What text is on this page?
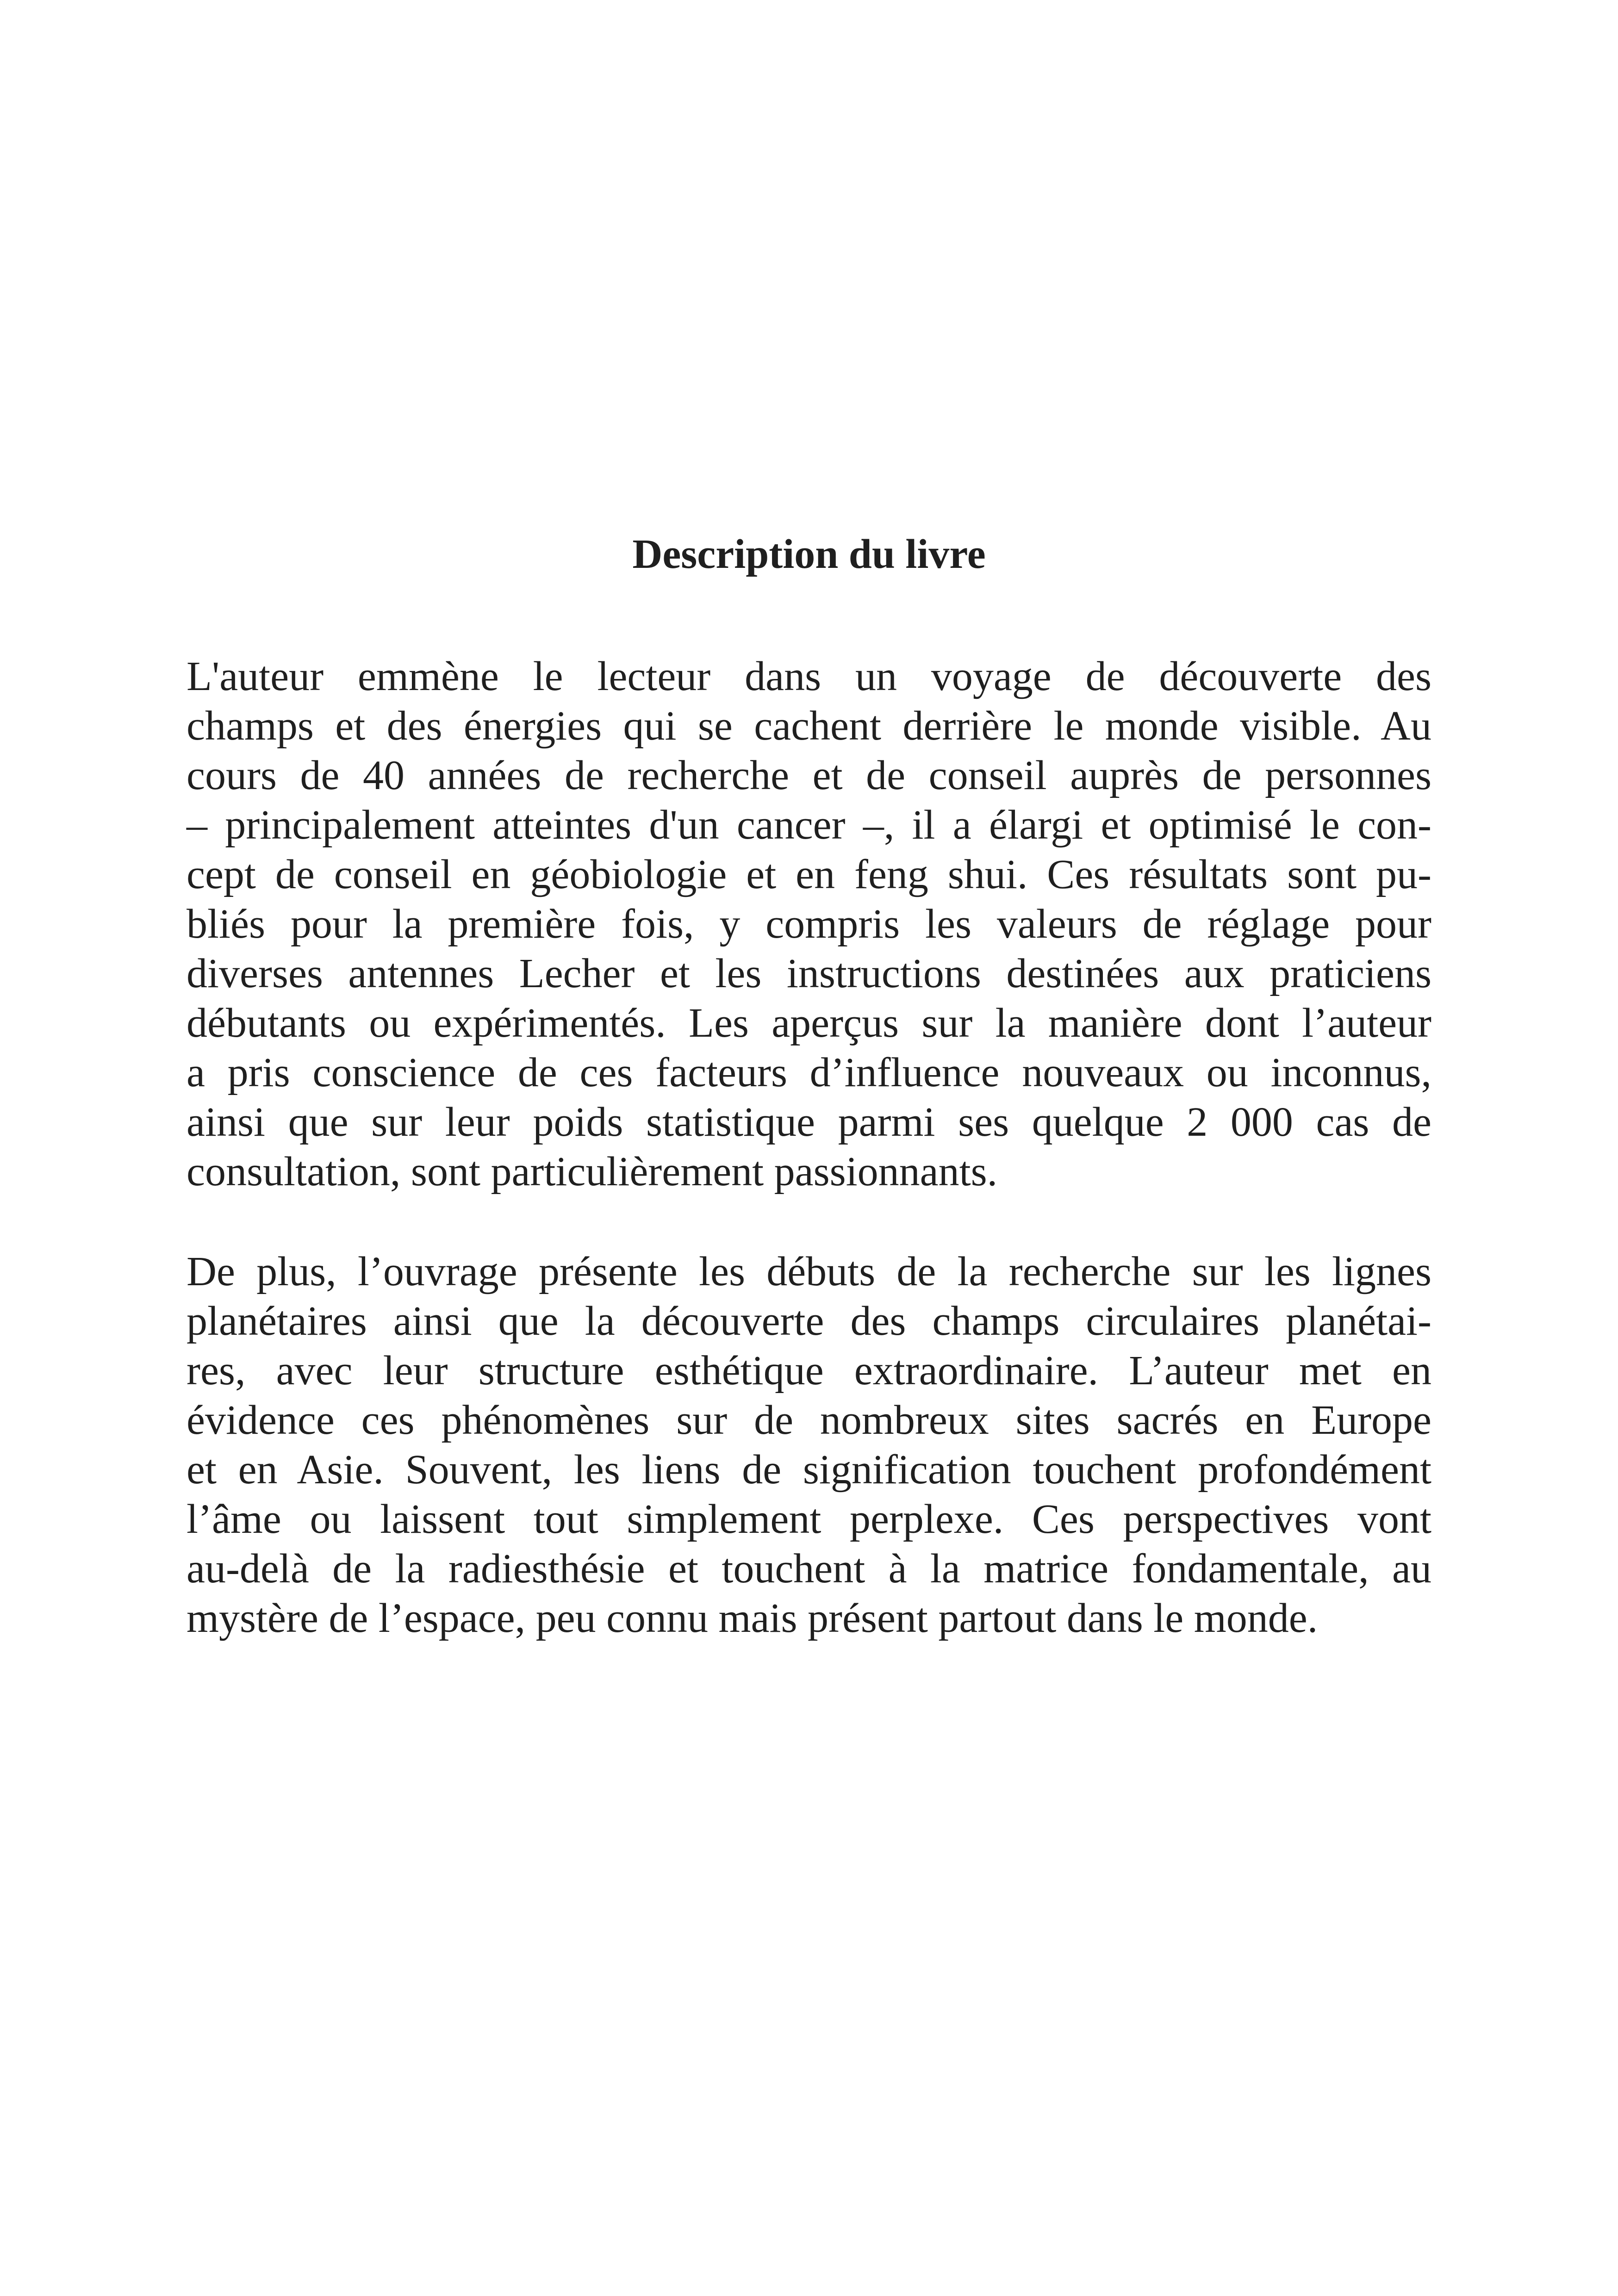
Description du livre

L'auteur emmène le lecteur dans un voyage de découverte des
champs et des énergies qui se cachent derrière le monde visible. Au
cours de 40 années de recherche et de conseil auprès de personnes
– principalement atteintes d'un cancer –, il a élargi et optimisé le con-
cept de conseil en géobiologie et en feng shui. Ces résultats sont pu-
bliés pour la première fois, y compris les valeurs de réglage pour
diverses antennes Lecher et les instructions destinées aux praticiens
débutants ou expérimentés. Les aperçus sur la manière dont l’auteur
a pris conscience de ces facteurs d’influence nouveaux ou inconnus,
ainsi que sur leur poids statistique parmi ses quelque 2 000 cas de
consultation, sont particulièrement passionnants.

De plus, l’ouvrage présente les débuts de la recherche sur les lignes
planétaires ainsi que la découverte des champs circulaires planétai-
res, avec leur structure esthétique extraordinaire. L’auteur met en
évidence ces phénomènes sur de nombreux sites sacrés en Europe
et en Asie. Souvent, les liens de signification touchent profondément
l’âme ou laissent tout simplement perplexe. Ces perspectives vont
au-delà de la radiesthésie et touchent à la matrice fondamentale, au
mystère de l’espace, peu connu mais présent partout dans le monde.
